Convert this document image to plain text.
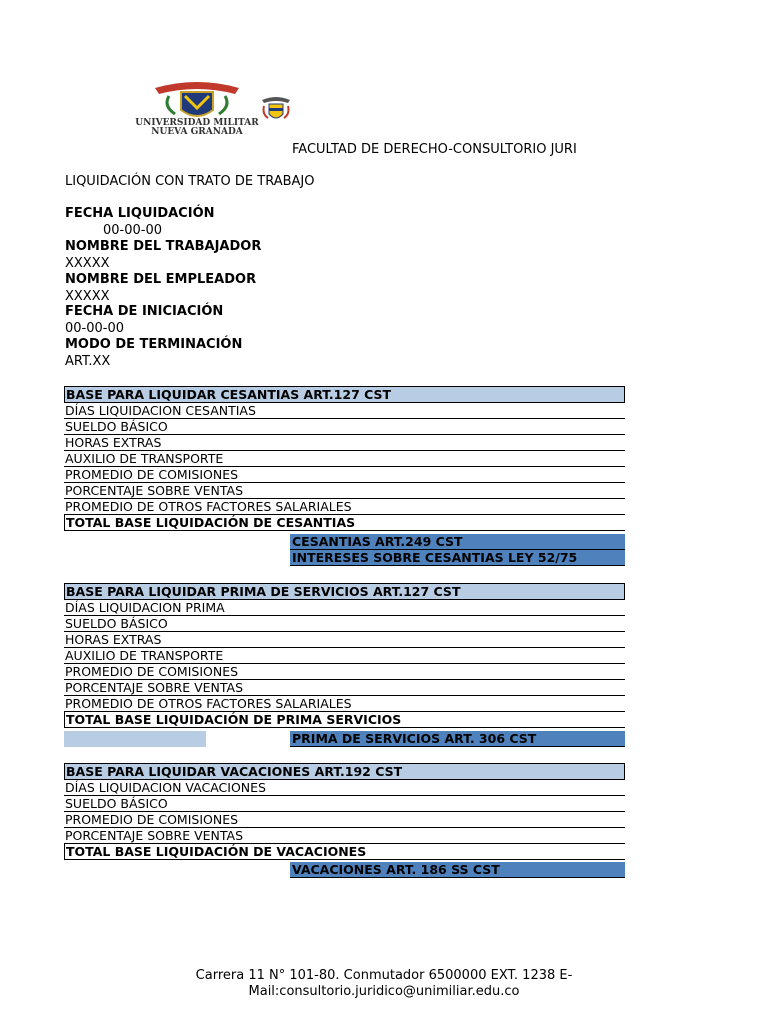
UNIVERSIDAD MILITAR
NUEVA GRANADA
FACULTAD DE DERECHO-CONSULTORIO JURI
LIQUIDACIÓN CON TRATO DE TRABAJO
FECHA LIQUIDACIÓN
00-00-00
NOMBRE DEL TRABAJADOR
XXXXX
NOMBRE DEL EMPLEADOR
XXXXX
FECHA DE INICIACIÓN
00-00-00
MODO DE TERMINACIÓN
ART.XX
BASE PARA LIQUIDAR CESANTIAS ART.127 CST
DÍAS LIQUIDACION CESANTIAS
SUELDO BÁSICO
HORAS EXTRAS
AUXILIO DE TRANSPORTE
PROMEDIO DE COMISIONES
PORCENTAJE SOBRE VENTAS
PROMEDIO DE OTROS FACTORES SALARIALES
TOTAL BASE LIQUIDACIÓN DE CESANTIAS
CESANTIAS ART.249 CST
INTERESES SOBRE CESANTIAS LEY 52/75
BASE PARA LIQUIDAR PRIMA DE SERVICIOS ART.127 CST
DÍAS LIQUIDACION PRIMA
SUELDO BÁSICO
HORAS EXTRAS
AUXILIO DE TRANSPORTE
PROMEDIO DE COMISIONES
PORCENTAJE SOBRE VENTAS
PROMEDIO DE OTROS FACTORES SALARIALES
TOTAL BASE LIQUIDACIÓN DE PRIMA SERVICIOS
PRIMA DE SERVICIOS ART. 306 CST
BASE PARA LIQUIDAR VACACIONES ART.192 CST
DÍAS LIQUIDACION VACACIONES
SUELDO BÁSICO
PROMEDIO DE COMISIONES
PORCENTAJE SOBRE VENTAS
TOTAL BASE LIQUIDACIÓN DE VACACIONES
VACACIONES ART. 186 SS CST
Carrera 11 N° 101-80. Conmutador 6500000 EXT. 1238 E-
Mail:consultorio.juridico@unimiliar.edu.co
